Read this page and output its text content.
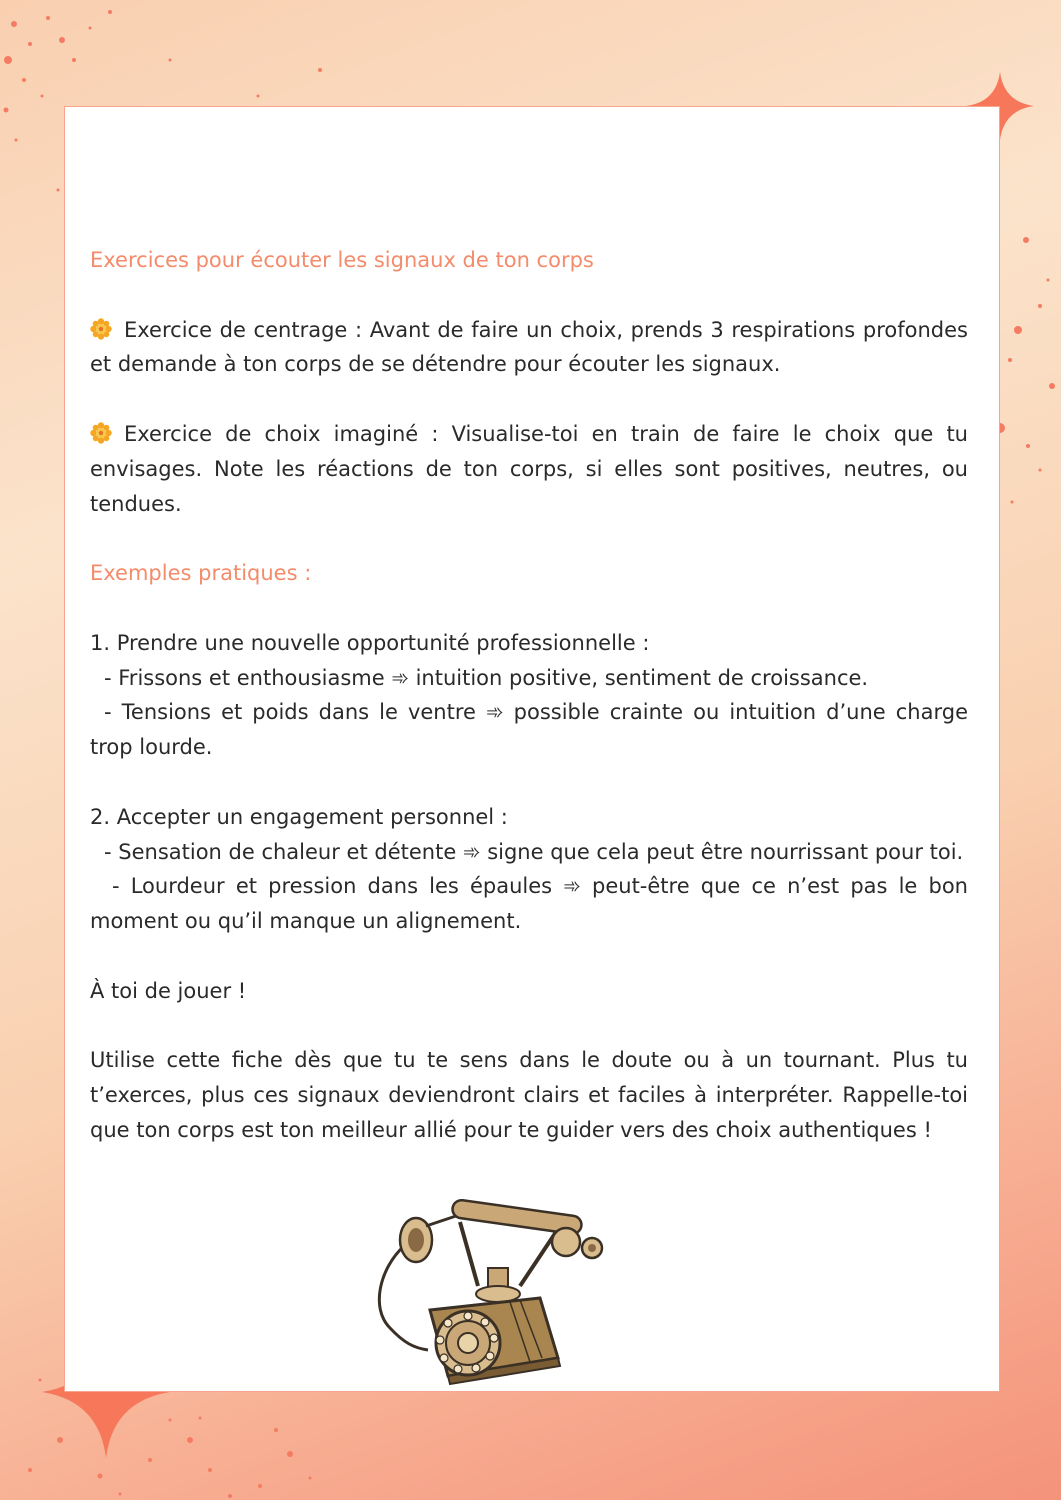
Exercices pour écouter les signaux de ton corps

Exercice de centrage : Avant de faire un choix, prends 3 respirations profondes et demande à ton corps de se détendre pour écouter les signaux.

Exercice de choix imaginé : Visualise-toi en train de faire le choix que tu envisages. Note les réactions de ton corps, si elles sont positives, neutres, ou tendues.

Exemples pratiques :

1. Prendre une nouvelle opportunité professionnelle :

- Frissons et enthousiasme ➾ intuition positive, sentiment de croissance.

- Tensions et poids dans le ventre ➾ possible crainte ou intuition d’une charge trop lourde.

2. Accepter un engagement personnel :

- Sensation de chaleur et détente ➾ signe que cela peut être nourrissant pour toi.

- Lourdeur et pression dans les épaules ➾ peut-être que ce n’est pas le bon moment ou qu’il manque un alignement.

À toi de jouer !

Utilise cette fiche dès que tu te sens dans le doute ou à un tournant. Plus tu t’exerces, plus ces signaux deviendront clairs et faciles à interpréter. Rappelle-toi que ton corps est ton meilleur allié pour te guider vers des choix authentiques !
